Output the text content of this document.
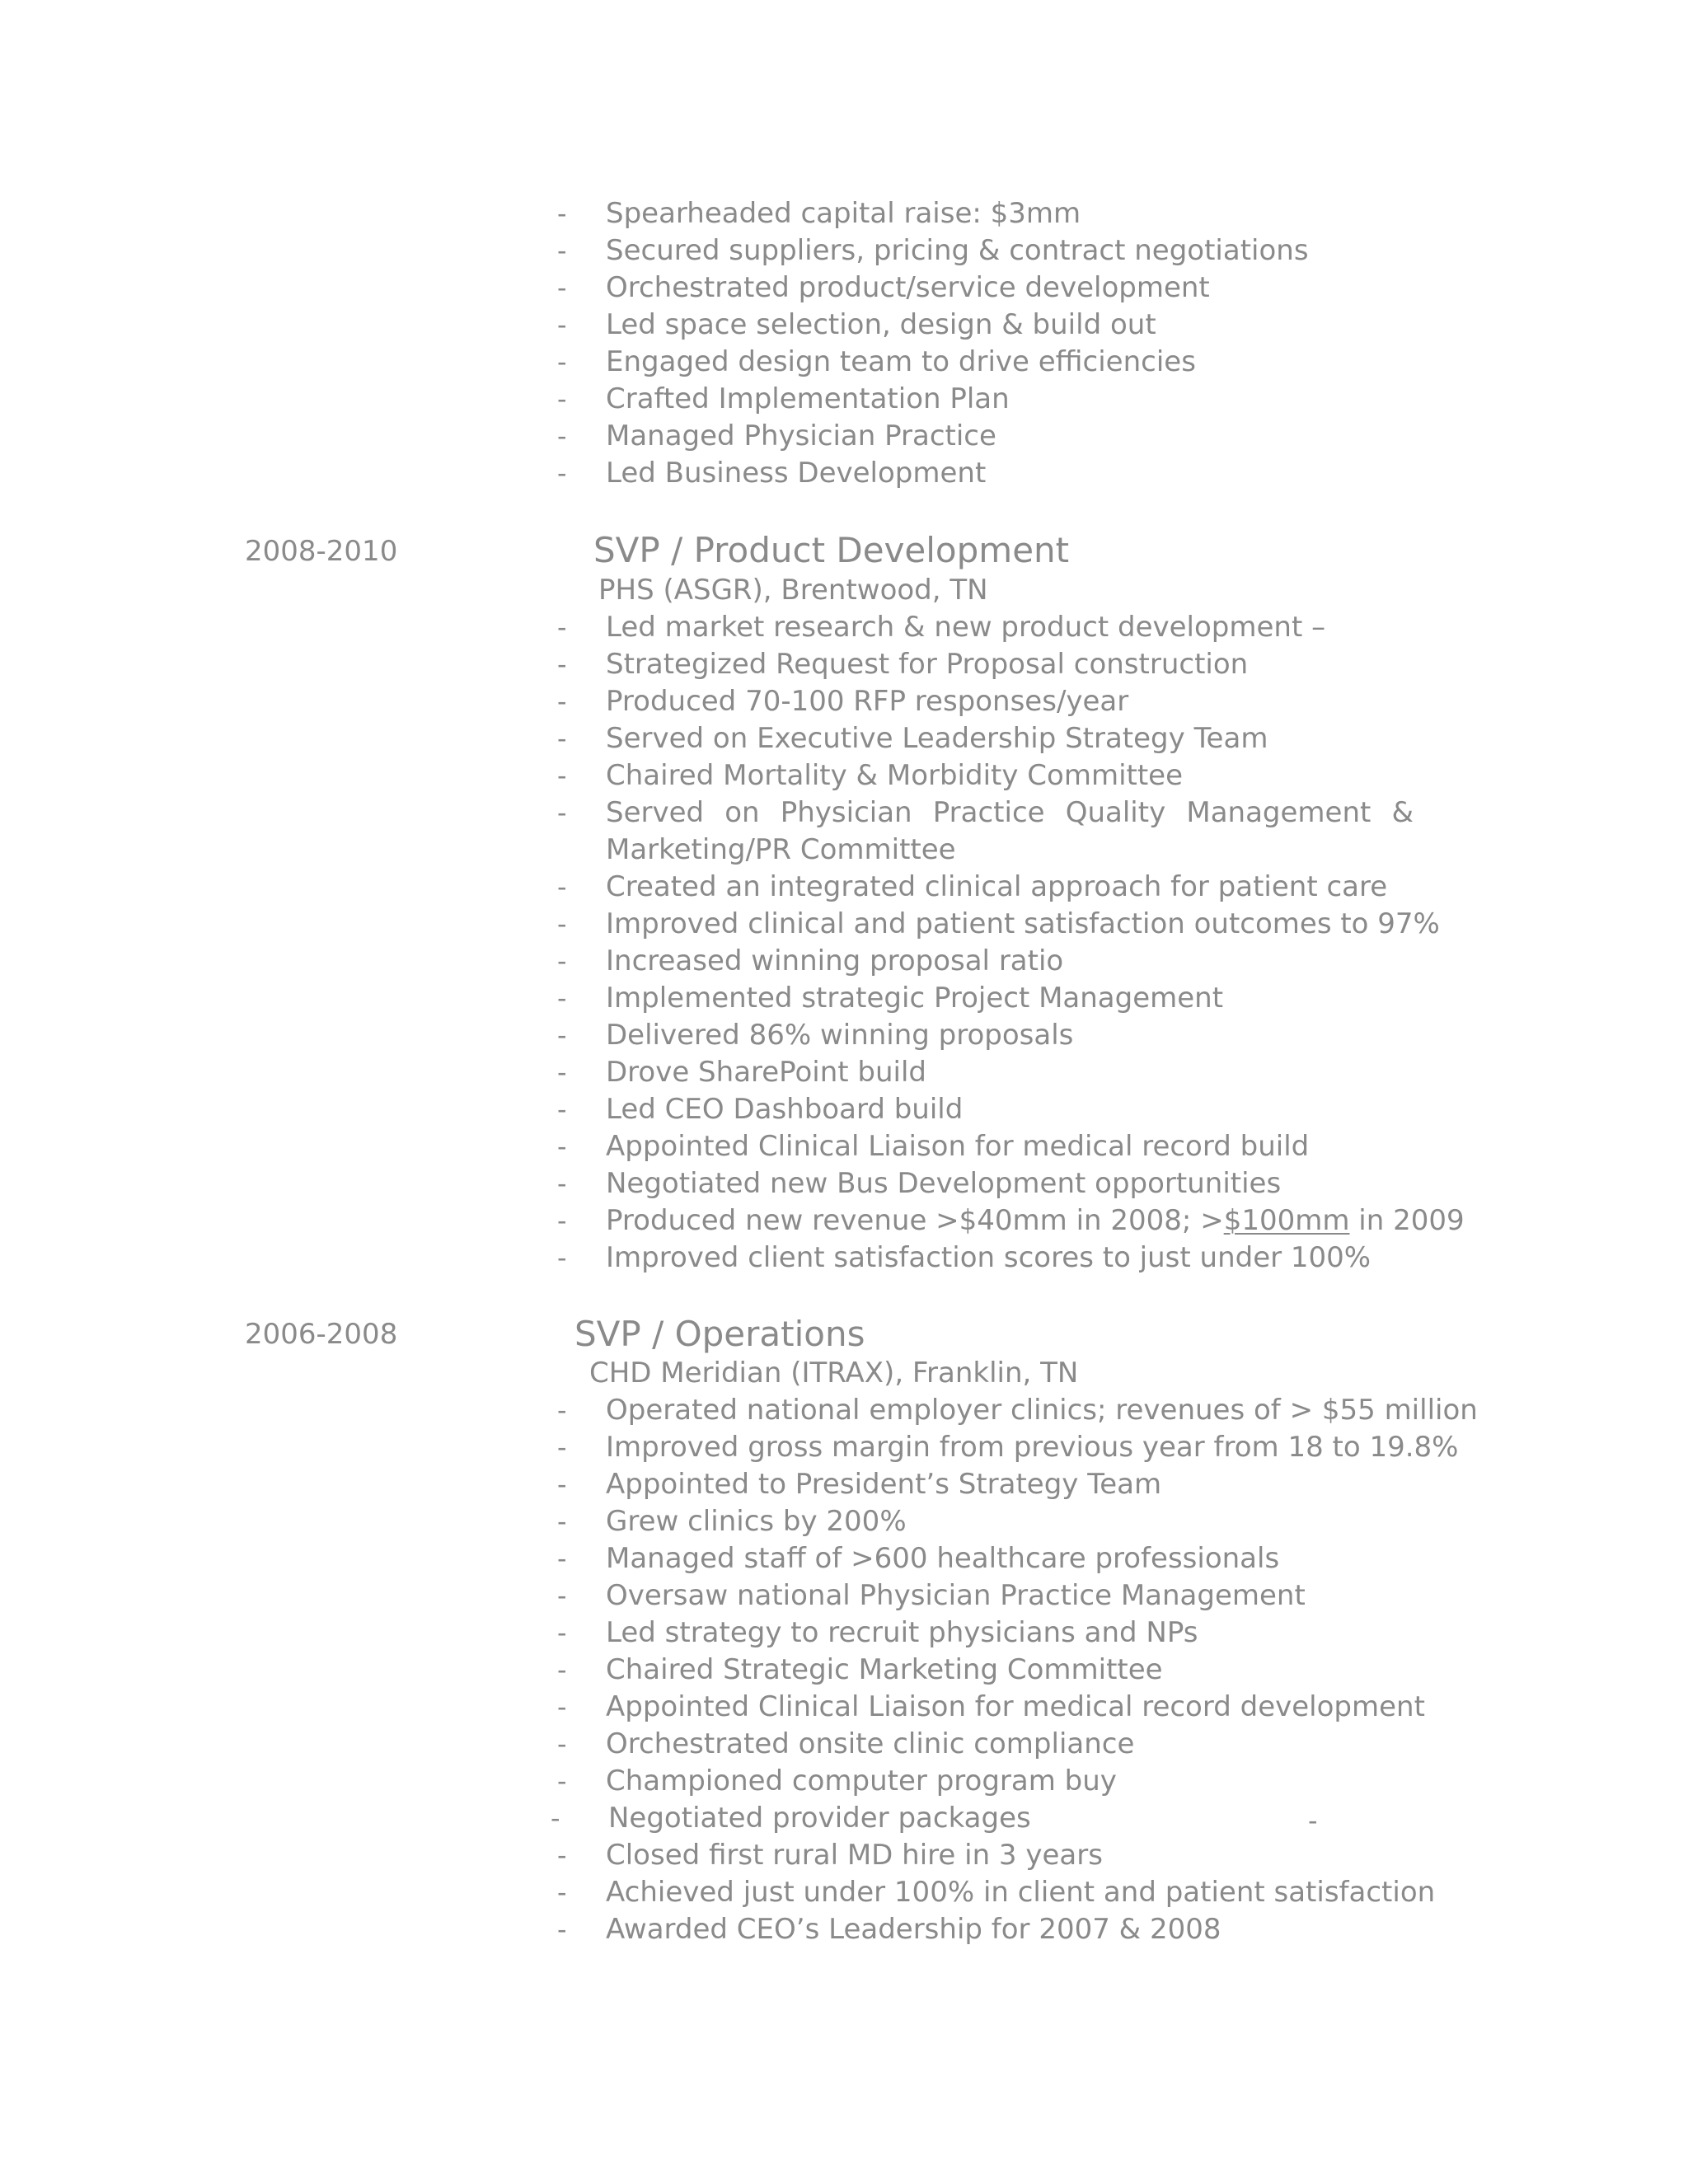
- Spearheaded capital raise: $3mm
- Secured suppliers, pricing & contract negotiations
- Orchestrated product/service development
- Led space selection, design & build out
- Engaged design team to drive efficiencies
- Crafted Implementation Plan
- Managed Physician Practice
- Led Business Development
2008-2010	SVP / Product Development
PHS (ASGR), Brentwood, TN
- Led market research & new product development –
- Strategized Request for Proposal construction
- Produced 70-100 RFP responses/year
- Served on Executive Leadership Strategy Team
- Chaired Mortality & Morbidity Committee
- Served on Physician Practice Quality Management & Marketing/PR Committee
- Created an integrated clinical approach for patient care
- Improved clinical and patient satisfaction outcomes to 97%
- Increased winning proposal ratio
- Implemented strategic Project Management
- Delivered 86% winning proposals
- Drove SharePoint build
- Led CEO Dashboard build
- Appointed Clinical Liaison for medical record build
- Negotiated new Bus Development opportunities
- Produced new revenue >$40mm in 2008; >$100mm in 2009
- Improved client satisfaction scores to just under 100%
2006-2008	SVP / Operations
CHD Meridian (ITRAX), Franklin, TN
- Operated national employer clinics; revenues of > $55 million
- Improved gross margin from previous year from 18 to 19.8%
- Appointed to President’s Strategy Team
- Grew clinics by 200%
- Managed staff of >600 healthcare professionals
- Oversaw national Physician Practice Management
- Led strategy to recruit physicians and NPs
- Chaired Strategic Marketing Committee
- Appointed Clinical Liaison for medical record development
- Orchestrated onsite clinic compliance
- Championed computer program buy
- Negotiated provider packages
- Closed first rural MD hire in 3 years
- Achieved just under 100% in client and patient satisfaction
- Awarded CEO’s Leadership for 2007 & 2008
-
